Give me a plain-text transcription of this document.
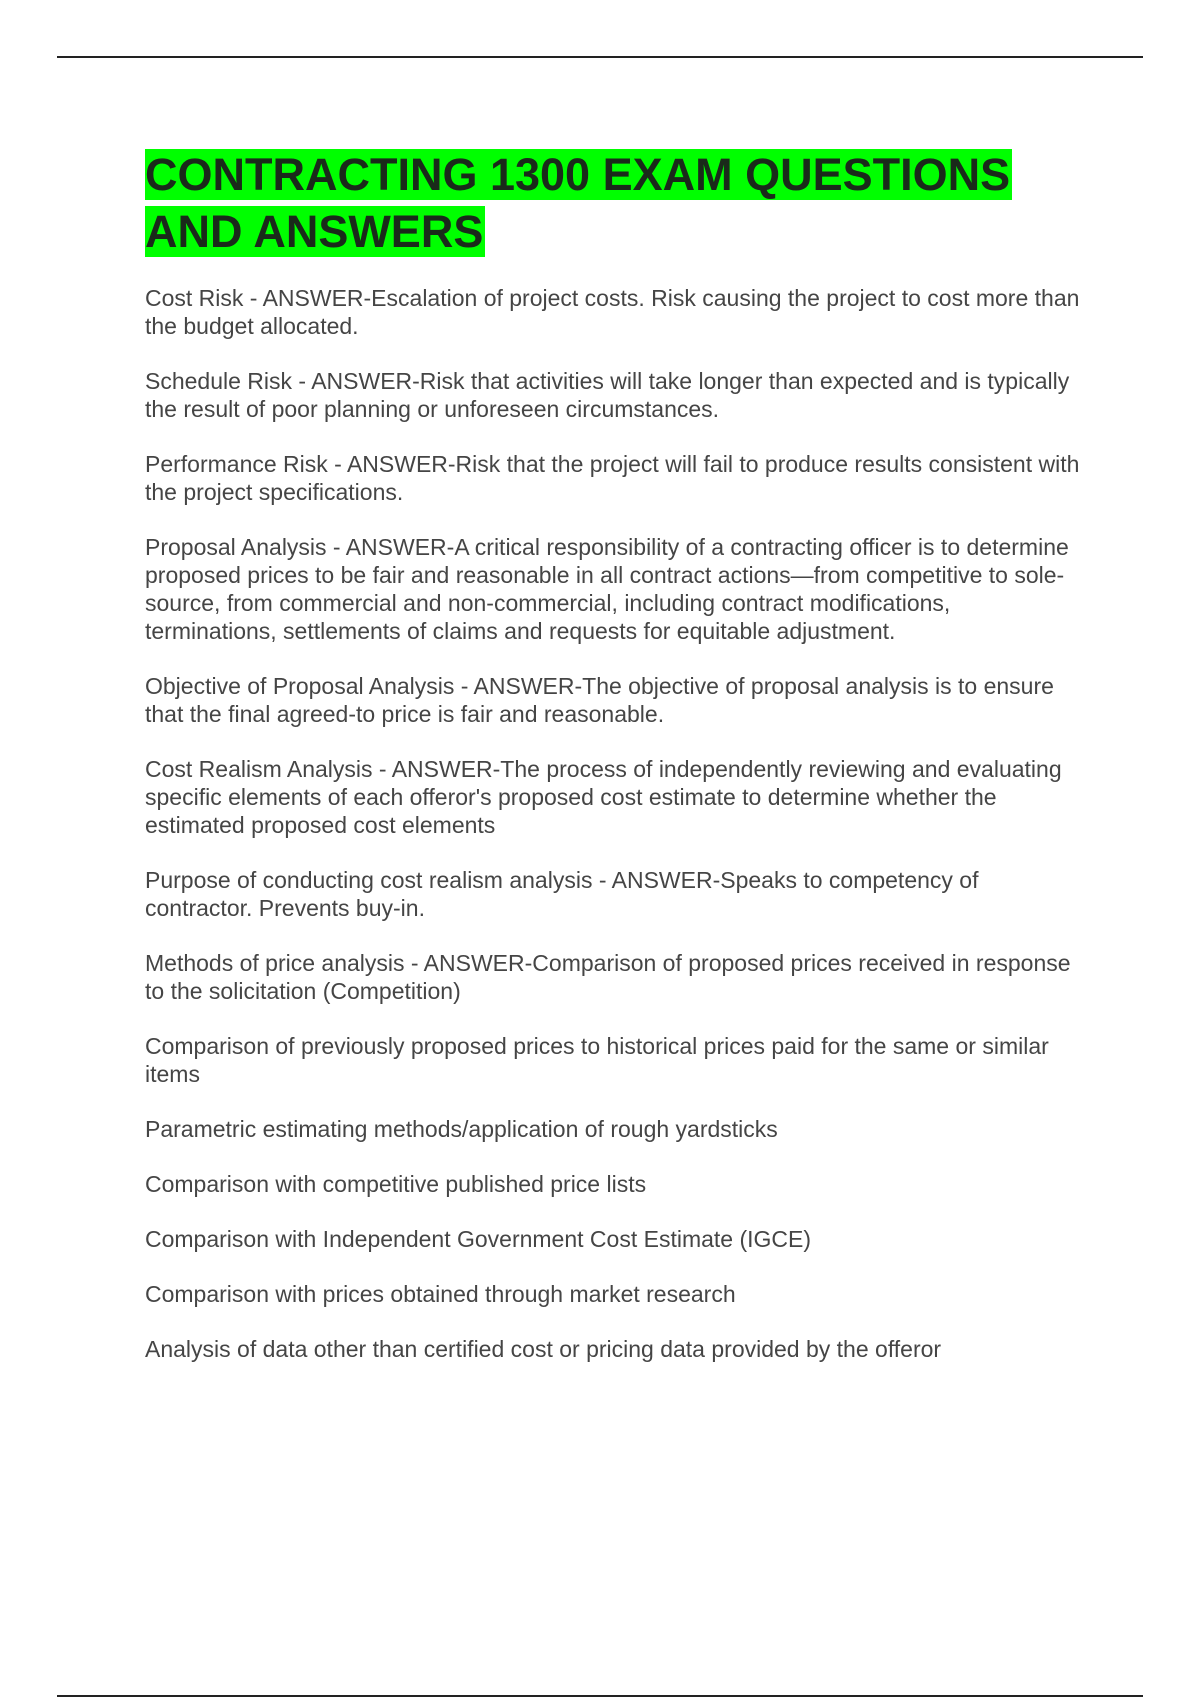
CONTRACTING 1300 EXAM QUESTIONS AND ANSWERS

Cost Risk - ANSWER-Escalation of project costs. Risk causing the project to cost more than the budget allocated.

Schedule Risk - ANSWER-Risk that activities will take longer than expected and is typically the result of poor planning or unforeseen circumstances.

Performance Risk - ANSWER-Risk that the project will fail to produce results consistent with the project specifications.

Proposal Analysis - ANSWER-A critical responsibility of a contracting officer is to determine proposed prices to be fair and reasonable in all contract actions—from competitive to sole-source, from commercial and non-commercial, including contract modifications, terminations, settlements of claims and requests for equitable adjustment.

Objective of Proposal Analysis - ANSWER-The objective of proposal analysis is to ensure that the final agreed-to price is fair and reasonable.

Cost Realism Analysis - ANSWER-The process of independently reviewing and evaluating specific elements of each offeror's proposed cost estimate to determine whether the estimated proposed cost elements

Purpose of conducting cost realism analysis - ANSWER-Speaks to competency of contractor. Prevents buy-in.

Methods of price analysis - ANSWER-Comparison of proposed prices received in response to the solicitation (Competition)

Comparison of previously proposed prices to historical prices paid for the same or similar items

Parametric estimating methods/application of rough yardsticks

Comparison with competitive published price lists

Comparison with Independent Government Cost Estimate (IGCE)

Comparison with prices obtained through market research

Analysis of data other than certified cost or pricing data provided by the offeror
